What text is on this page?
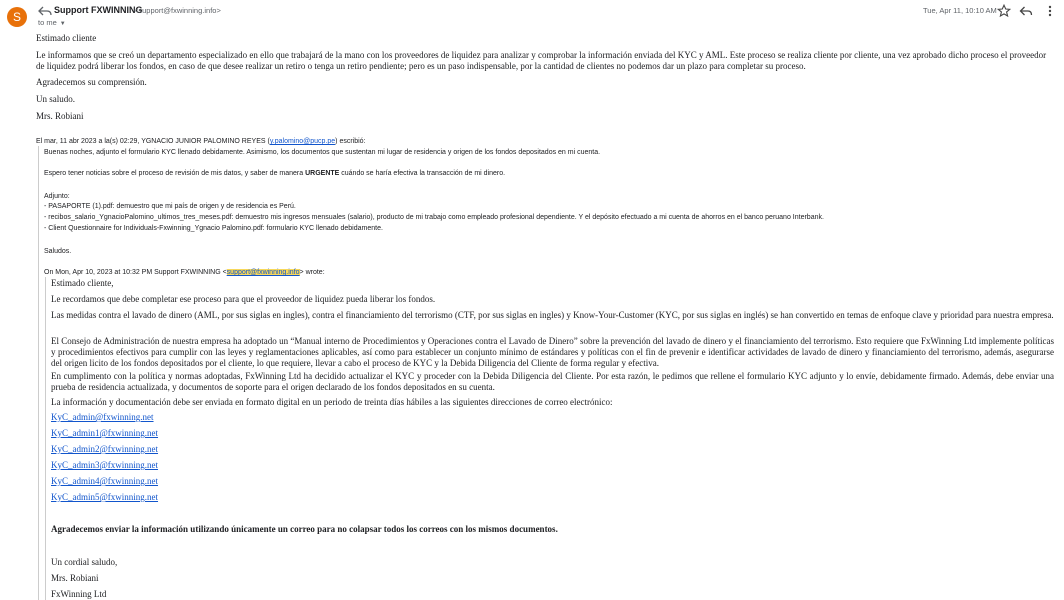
S	Support FXWINNING
<support@fxwinning.info>
to me ▼
Tue, Apr 11, 10:10 AM
Estimado cliente
Le informamos que se creó un departamento especializado en ello que trabajará de la mano con los proveedores de liquidez para analizar y comprobar la información enviada del KYC y AML. Este proceso se realiza cliente por cliente, una vez aprobado dicho proceso el proveedor
de liquidez podrá liberar los fondos, en caso de que desee realizar un retiro o tenga un retiro pendiente; pero es un paso indispensable, por la cantidad de clientes no podemos dar un plazo para completar su proceso.
Agradecemos su comprensión.
Un saludo.
Mrs. Robiani
El mar, 11 abr 2023 a la(s) 02:29, YGNACIO JUNIOR PALOMINO REYES (y.palomino@pucp.pe) escribió:
Buenas noches, adjunto el formulario KYC llenado debidamente. Asimismo, los documentos que sustentan mi lugar de residencia y origen de los fondos depositados en mi cuenta.
Espero tener noticias sobre el proceso de revisión de mis datos, y saber de manera URGENTE cuándo se haría efectiva la transacción de mi dinero.
Adjunto:
- PASAPORTE (1).pdf: demuestro que mi país de origen y de residencia es Perú.
- recibos_salario_YgnacioPalomino_ultimos_tres_meses.pdf: demuestro mis ingresos mensuales (salario), producto de mi trabajo como empleado profesional dependiente. Y el depósito efectuado a mi cuenta de ahorros en el banco peruano Interbank.
- Client Questionnaire for Individuals-Fxwinning_Ygnacio Palomino.pdf: formulario KYC llenado debidamente.
Saludos.
On Mon, Apr 10, 2023 at 10:32 PM Support FXWINNING <support@fxwinning.info> wrote:
Estimado cliente,
Le recordamos que debe completar ese proceso para que el proveedor de liquidez pueda liberar los fondos.
Las medidas contra el lavado de dinero (AML, por sus siglas en ingles), contra el financiamiento del terrorismo (CTF, por sus siglas en ingles) y Know-Your-Customer (KYC, por sus siglas en inglés) se han convertido en temas de enfoque clave y prioridad para nuestra empresa.
El Consejo de Administración de nuestra empresa ha adoptado un “Manual interno de Procedimientos y Operaciones contra el Lavado de Dinero” sobre la prevención del lavado de dinero y el financiamiento del terrorismo. Esto requiere que FxWinning Ltd implemente políticas y procedimientos efectivos para cumplir con las leyes y reglamentaciones aplicables, así como para establecer un conjunto mínimo de estándares y políticas con el fin de prevenir e identificar actividades de lavado de dinero y financiamiento del terrorismo, además, asegurarse del origen licito de los fondos depositados por el cliente, lo que requiere, llevar a cabo el proceso de KYC y la Debida Diligencia del Cliente de forma regular y efectiva.
En cumplimento con la política y normas adoptadas, FxWinning Ltd ha decidido actualizar el KYC y proceder con la Debida Diligencia del Cliente. Por esta razón, le pedimos que rellene el formulario KYC adjunto y lo envíe, debidamente firmado. Además, debe enviar una prueba de residencia actualizada, y documentos de soporte para el origen declarado de los fondos depositados en su cuenta.
La información y documentación debe ser enviada en formato digital en un periodo de treinta días hábiles a las siguientes direcciones de correo electrónico:
KyC_admin@fxwinning.net
KyC_admin1@fxwinning.net
KyC_admin2@fxwinning.net
KyC_admin3@fxwinning.net
KyC_admin4@fxwinning.net
KyC_admin5@fxwinning.net
Agradecemos enviar la información utilizando únicamente un correo para no colapsar todos los correos con los mismos documentos.
Un cordial saludo,
Mrs. Robiani
FxWinning Ltd
